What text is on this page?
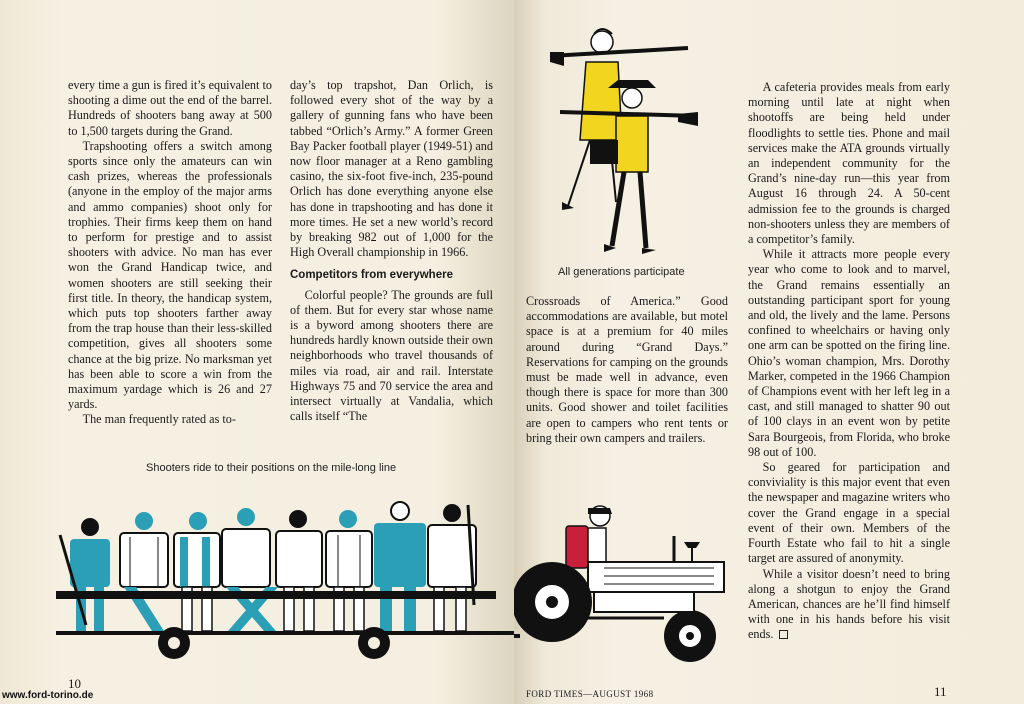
every time a gun is fired it’s equivalent to shooting a dime out the end of the barrel. Hundreds of shooters bang away at 500 to 1,500 targets during the Grand.

Trapshooting offers a switch among sports since only the amateurs can win cash prizes, whereas the professionals (anyone in the employ of the major arms and ammo companies) shoot only for trophies. Their firms keep them on hand to perform for prestige and to assist shooters with advice. No man has ever won the Grand Handicap twice, and women shooters are still seeking their first title. In theory, the handicap system, which puts top shooters farther away from the trap house than their less-skilled competition, gives all shooters some chance at the big prize. No marksman yet has been able to score a win from the maximum yardage which is 26 and 27 yards.

The man frequently rated as to-

day’s top trapshot, Dan Orlich, is followed every shot of the way by a gallery of gunning fans who have been tabbed “Orlich’s Army.” A former Green Bay Packer football player (1949-51) and now floor manager at a Reno gambling casino, the six-foot five-inch, 235-pound Orlich has done everything anyone else has done in trapshooting and has done it more times. He set a new world’s record by breaking 982 out of 1,000 for the High Overall championship in 1966.

Competitors from everywhere

Colorful people? The grounds are full of them. But for every star whose name is a byword among shooters there are hundreds hardly known outside their own neighborhoods who travel thousands of miles via road, air and rail. Interstate Highways 75 and 70 service the area and intersect virtually at Vandalia, which calls itself “The

Shooters ride to their positions on the mile-long line
10
www.ford-torino.de
All generations participate

Crossroads of America.” Good accommodations are available, but motel space is at a premium for 40 miles around during “Grand Days.” Reservations for camping on the grounds must be made well in advance, even though there is space for more than 300 units. Good shower and toilet facilities are open to campers who rent tents or bring their own campers and trailers.

A cafeteria provides meals from early morning until late at night when shootoffs are being held under floodlights to settle ties. Phone and mail services make the ATA grounds virtually an independent community for the Grand’s nine-day run—this year from August 16 through 24. A 50-cent admission fee to the grounds is charged non-shooters unless they are members of a competitor’s family.

While it attracts more people every year who come to look and to marvel, the Grand remains essentially an outstanding participant sport for young and old, the lively and the lame. Persons confined to wheelchairs or having only one arm can be spotted on the firing line. Ohio’s woman champion, Mrs. Dorothy Marker, competed in the 1966 Champion of Champions event with her left leg in a cast, and still managed to shatter 90 out of 100 clays in an event won by petite Sara Bourgeois, from Florida, who broke 98 out of 100.

So geared for participation and conviviality is this major event that even the newspaper and magazine writers who cover the Grand engage in a special event of their own. Members of the Fourth Estate who fail to hit a single target are assured of anonymity.

While a visitor doesn’t need to bring along a shotgun to enjoy the Grand American, chances are he’ll find himself with one in his hands before his visit ends.

FORD TIMES—AUGUST 1968	11
